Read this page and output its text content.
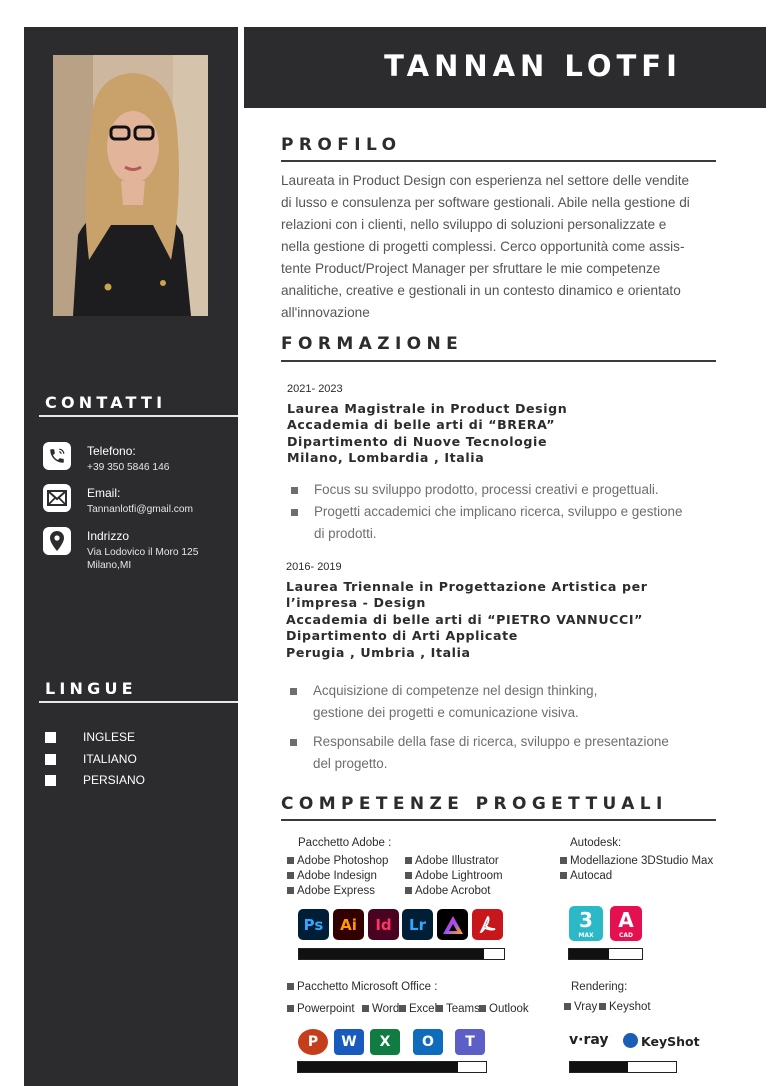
CONTATTI
Telefono:
+39 350 5846 146
Email:
Tannanlotfi@gmail.com
Indrizzo
Via Lodovico il Moro 125
Milano,MI
LINGUE
INGLESE
ITALIANO
PERSIANO
TANNAN LOTFI
PROFILO
Laureata in Product Design con esperienza nel settore delle vendite
di lusso e consulenza per software gestionali. Abile nella gestione di
relazioni con i clienti, nello sviluppo di soluzioni personalizzate e
nella gestione di progetti complessi. Cerco opportunità come assis-
tente Product/Project Manager per sfruttare le mie competenze
analitiche, creative e gestionali in un contesto dinamico e orientato
all'innovazione
FORMAZIONE
2021- 2023
Laurea Magistrale in Product Design
Accademia di belle arti di “BRERA”
Dipartimento di Nuove Tecnologie
Milano, Lombardia , Italia
Focus su sviluppo prodotto, processi creativi e progettuali.
Progetti accademici che implicano ricerca, sviluppo e gestione
di prodotti.
2016- 2019
Laurea Triennale in Progettazione Artistica per
l’impresa - Design
Accademia di belle arti di “PIETRO VANNUCCI”
Dipartimento di Arti Applicate
Perugia , Umbria , Italia
Acquisizione di competenze nel design thinking,
gestione dei progetti e comunicazione visiva.
Responsabile della fase di ricerca, sviluppo e presentazione
del progetto.
COMPETENZE PROGETTUALI
Pacchetto Adobe :
Adobe Photoshop	Adobe Illustrator
Adobe Indesign	Adobe Lightroom
Adobe Express	Adobe Acrobot
Ps	Ai	Id	Lr
Autodesk:
Modellazione 3DStudio Max
Autocad
3
MAX
A
CAD
Pacchetto Microsoft Office :
Powerpoint	Word Excel Teams Outlook
P	W	X	O	T
Rendering:
Vray	Keyshot
v·ray	KeyShot
